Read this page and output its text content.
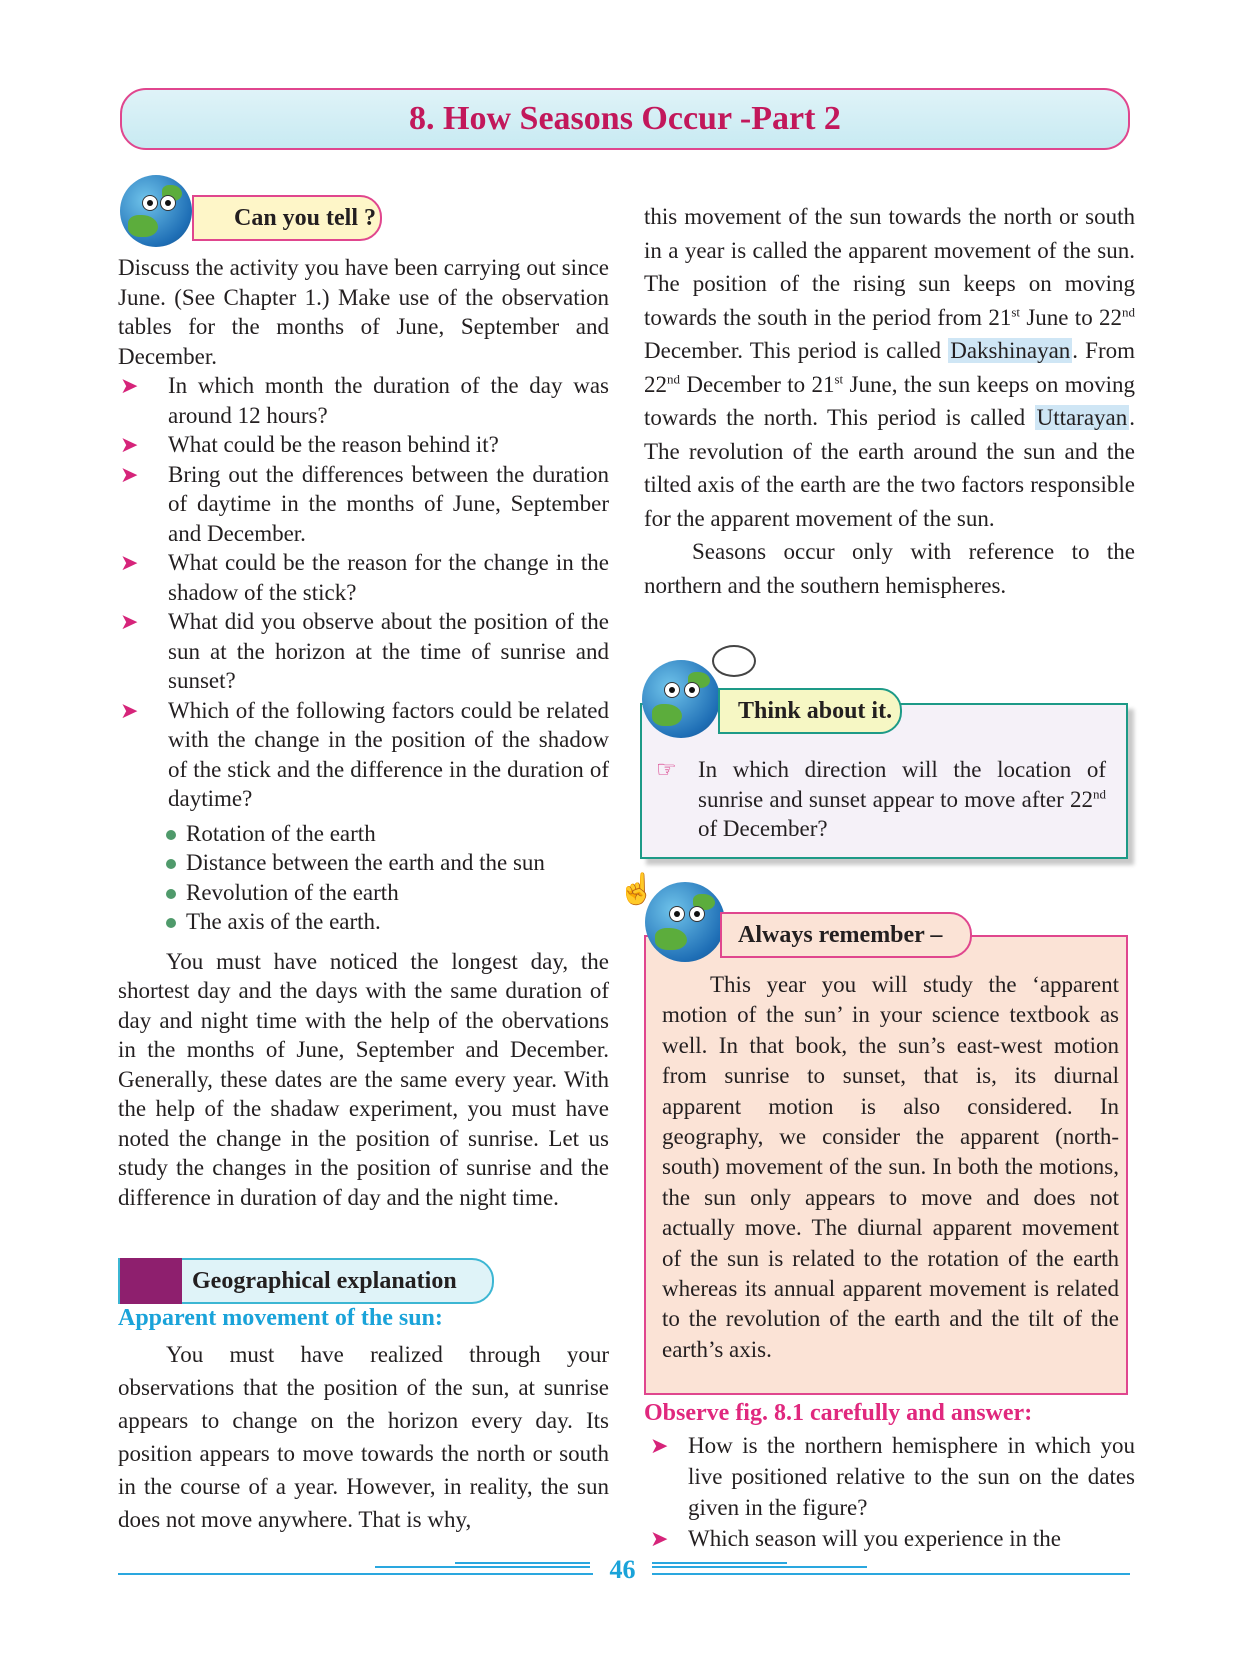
8. How Seasons Occur -Part 2
Can you tell ?
Discuss the activity you have been carrying out since June. (See Chapter 1.) Make use of the observation tables for the months of June, September and December.
➤ In which month the duration of the day was around 12 hours?
➤ What could be the reason behind it?
➤ Bring out the differences between the duration of daytime in the months of June, September and December.
➤ What could be the reason for the change in the shadow of the stick?
➤ What did you observe about the position of the sun at the horizon at the time of sunrise and sunset?
➤ Which of the following factors could be related with the change in the position of the shadow of the stick and the difference in the duration of daytime?
Rotation of the earth
Distance between the earth and the sun
Revolution of the earth
The axis of the earth.
You must have noticed the longest day, the shortest day and the days with the same duration of day and night time with the help of the obervations in the months of June, September and December. Generally, these dates are the same every year. With the help of the shadaw experiment, you must have noted the change in the position of sunrise. Let us study the changes in the position of sunrise and the difference in duration of day and the night time.
Geographical explanation
Apparent movement of the sun:
You must have realized through your observations that the position of the sun, at sunrise appears to change on the horizon every day. Its position appears to move towards the north or south in the course of a year. However, in reality, the sun does not move anywhere. That is why,
this movement of the sun towards the north or south in a year is called the apparent movement of the sun. The position of the rising sun keeps on moving towards the south in the period from 21st June to 22nd December. This period is called Dakshinayan. From 22nd December to 21st June, the sun keeps on moving towards the north. This period is called Uttarayan. The revolution of the earth around the sun and the tilted axis of the earth are the two factors responsible for the apparent movement of the sun.
Seasons occur only with reference to the northern and the southern hemispheres.
Think about it.
☞ In which direction will the location of sunrise and sunset appear to move after 22nd of December?
☝
Always remember –
This year you will study the ‘apparent motion of the sun’ in your science textbook as well. In that book, the sun’s east-west motion from sunrise to sunset, that is, its diurnal apparent motion is also considered. In geography, we consider the apparent (north-south) movement of the sun. In both the motions, the sun only appears to move and does not actually move. The diurnal apparent movement of the sun is related to the rotation of the earth whereas its annual apparent movement is related to the revolution of the earth and the tilt of the earth’s axis.
Observe fig. 8.1 carefully and answer:
➤ How is the northern hemisphere in which you live positioned relative to the sun on the dates given in the figure?
➤ Which season will you experience in the
46
